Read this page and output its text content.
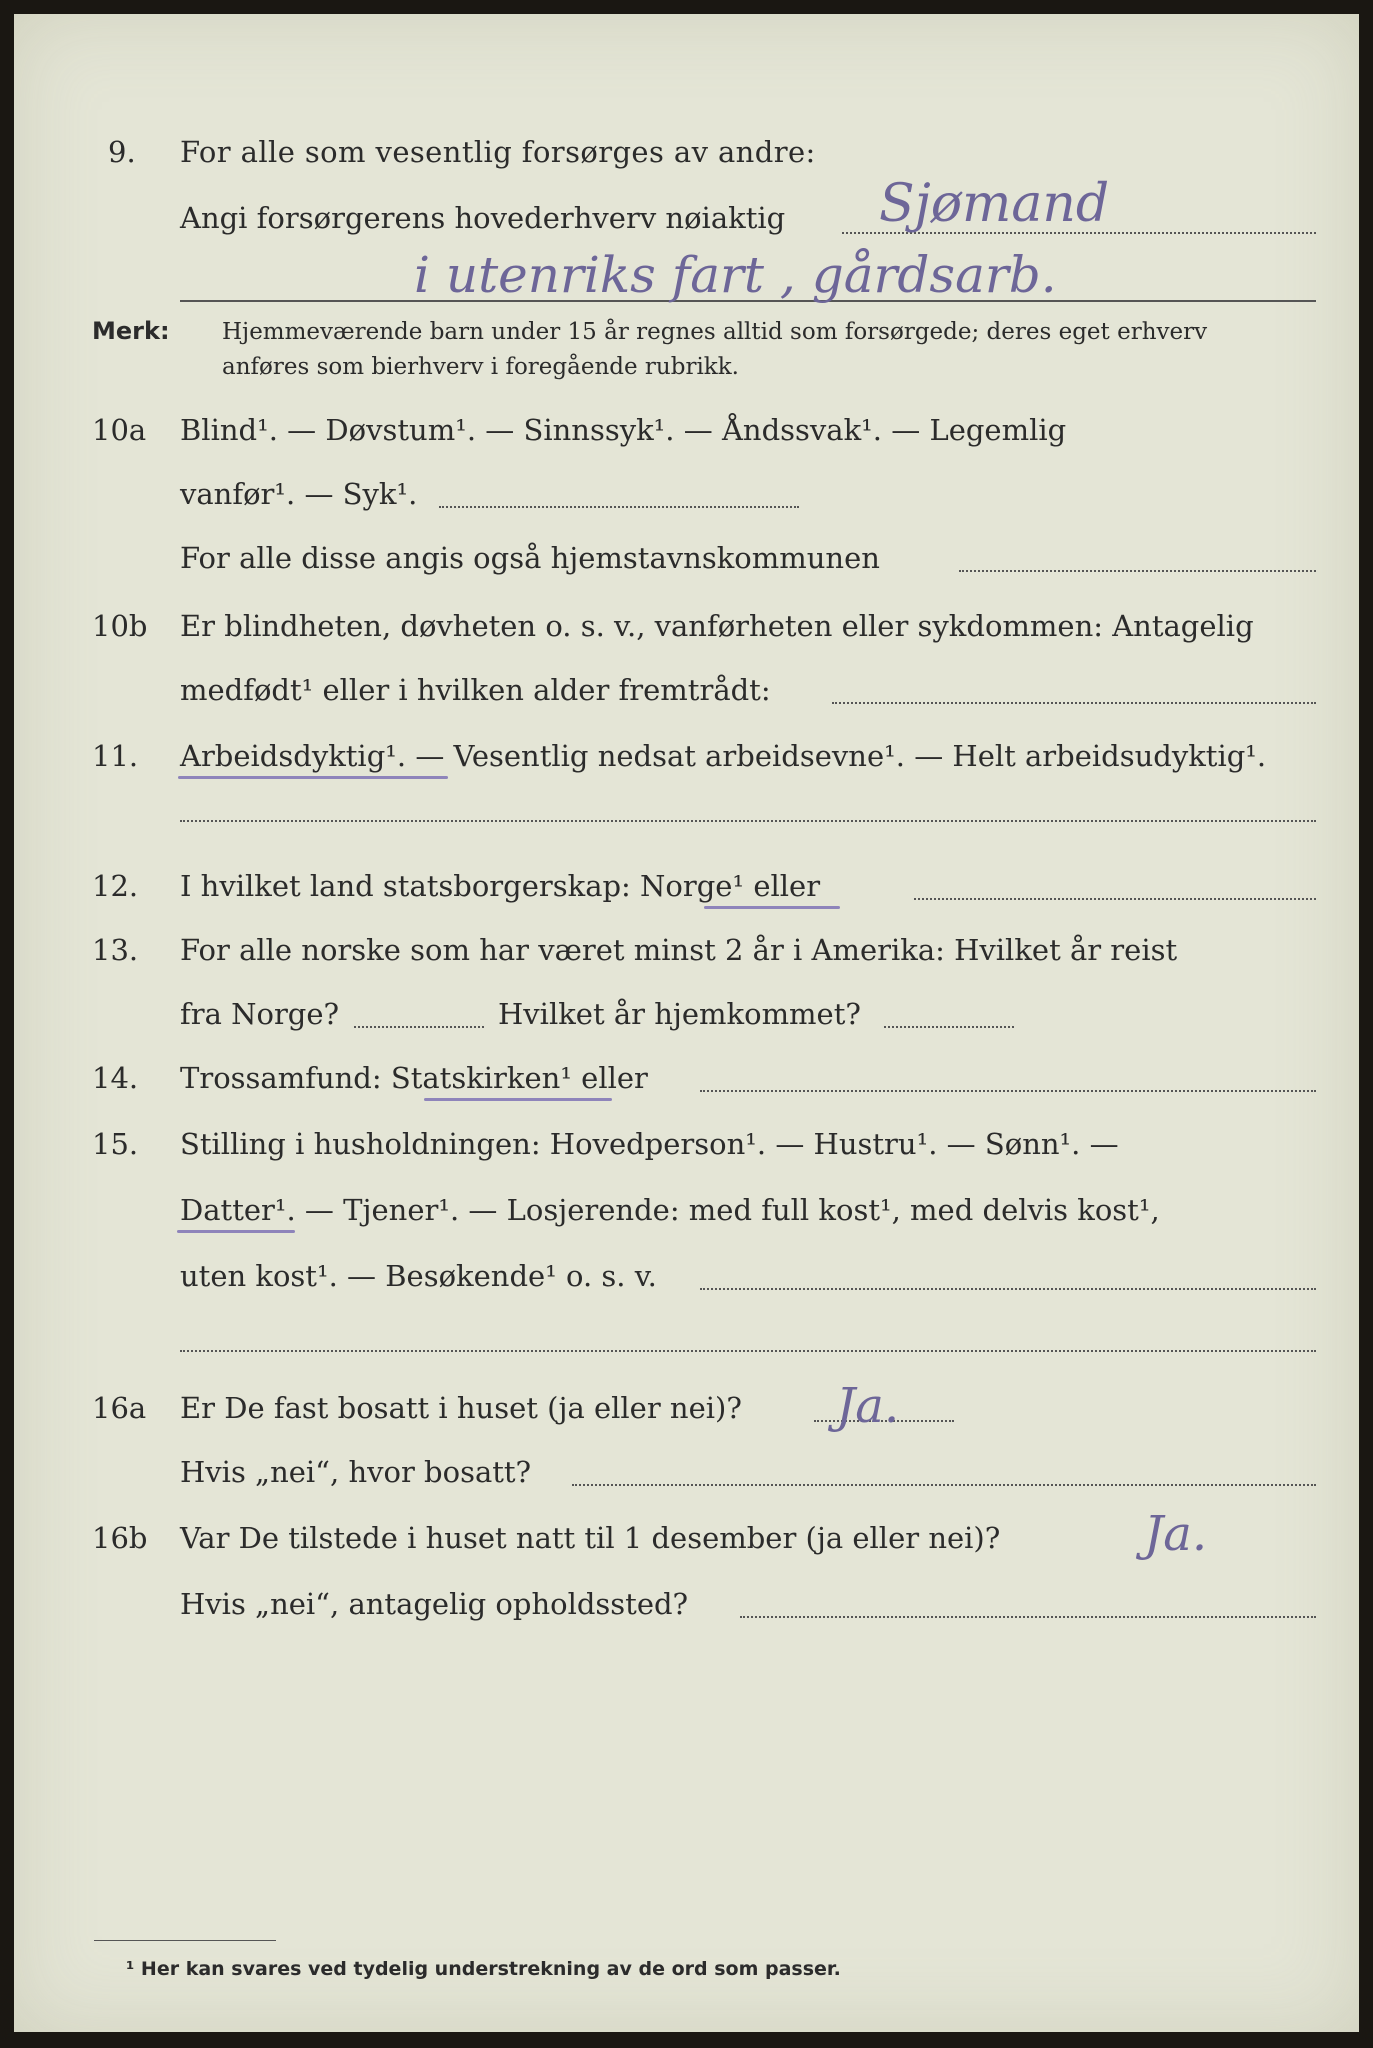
9. For alle som vesentlig forsørges av andre:
Angi forsørgerens hovederhverv nøiaktig Sjømand
i utenriks fart , gårdsarb.
Merk: Hjemmeværende barn under 15 år regnes alltid som forsørgede; deres eget erhverv
anføres som bierhverv i foregående rubrikk.
10a Blind¹. — Døvstum¹. — Sinnssyk¹. — Åndssvak¹. — Legemlig
vanfør¹. — Syk¹.
For alle disse angis også hjemstavnskommunen
10b Er blindheten, døvheten o. s. v., vanførheten eller sykdommen: Antagelig
medfødt¹ eller i hvilken alder fremtrådt:
11. Arbeidsdyktig¹. — Vesentlig nedsat arbeidsevne¹. — Helt arbeidsudyktig¹.
12. I hvilket land statsborgerskap: Norge¹ eller
13. For alle norske som har været minst 2 år i Amerika: Hvilket år reist
fra Norge?	Hvilket år hjemkommet?
14. Trossamfund: Statskirken¹ eller
15. Stilling i husholdningen: Hovedperson¹. — Hustru¹. — Sønn¹. —
Datter¹. — Tjener¹. — Losjerende: med full kost¹, med delvis kost¹,
uten kost¹. — Besøkende¹ o. s. v.
16a Er De fast bosatt i huset (ja eller nei)? Ja.
Hvis „nei“, hvor bosatt?
16b Var De tilstede i huset natt til 1 desember (ja eller nei)?	Ja.
Hvis „nei“, antagelig opholdssted?
¹ Her kan svares ved tydelig understrekning av de ord som passer.
